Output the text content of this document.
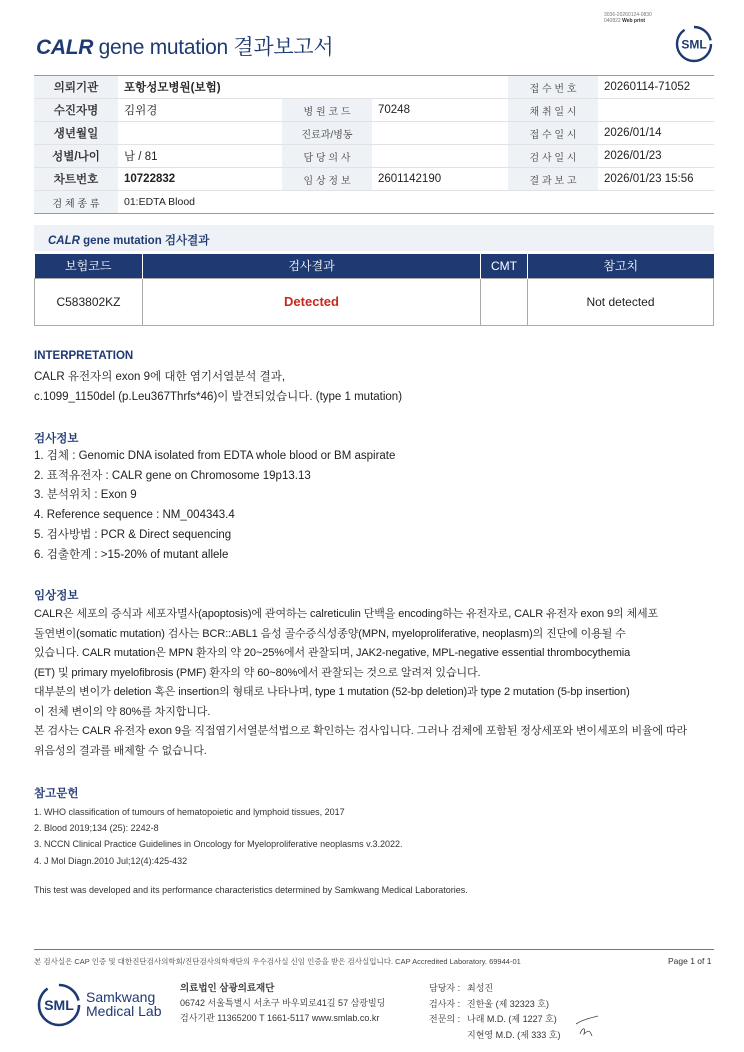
3036-20260124-0830
040822 Web print
CALR gene mutation 결과보고서	SML
의뢰기관	포항성모병원(보험)			접 수 번 호	20260114-71052
수진자명	김위경	병 원 코 드	70248	채 취 일 시	
생년월일		진료과/병동		접 수 일 시	2026/01/14
성별/나이	남 / 81	담 당 의 사		검 사 일 시	2026/01/23
차트번호	10722832	임 상 정 보	2601142190	결 과 보 고	2026/01/23 15:56
검 체 종 류	01:EDTA Blood				
CALR gene mutation 검사결과
보험코드	검사결과	CMT	참고치
C583802KZ	Detected		Not detected
INTERPRETATION

CALR 유전자의 exon 9에 대한 염기서열분석 결과,

c.1099_1150del (p.Leu367Thrfs*46)이 발견되었습니다. (type 1 mutation)

검사정보

1. 검체 : Genomic DNA isolated from EDTA whole blood or BM aspirate

2. 표적유전자 : CALR gene on Chromosome 19p13.13

3. 분석위치 : Exon 9

4. Reference sequence : NM_004343.4

5. 검사방법 : PCR & Direct sequencing

6. 검출한계 : >15-20% of mutant allele

임상정보

CALR은 세포의 증식과 세포자멸사(apoptosis)에 관여하는 calreticulin 단백을 encoding하는 유전자로, CALR 유전자 exon 9의 체세포

돌연변이(somatic mutation) 검사는 BCR::ABL1 음성 골수증식성종양(MPN, myeloproliferative, neoplasm)의 진단에 이용될 수

있습니다. CALR mutation은 MPN 환자의 약 20~25%에서 관찰되며, JAK2-negative, MPL-negative essential thrombocythemia

(ET) 및 primary myelofibrosis (PMF) 환자의 약 60~80%에서 관찰되는 것으로 알려져 있습니다.

대부분의 변이가 deletion 혹은 insertion의 형태로 나타나며, type 1 mutation (52-bp deletion)과 type 2 mutation (5-bp insertion)

이 전체 변이의 약 80%를 차지합니다.

본 검사는 CALR 유전자 exon 9을 직접염기서열분석법으로 확인하는 검사입니다. 그러나 검체에 포함된 정상세포와 변이세포의 비율에 따라

위음성의 결과를 배제할 수 없습니다.

참고문헌

1. WHO classification of tumours of hematopoietic and lymphoid tissues, 2017

2. Blood 2019;134 (25): 2242-8

3. NCCN Clinical Practice Guidelines in Oncology for Myeloproliferative neoplasms v.3.2022.

4. J Mol Diagn.2010 Jul;12(4):425-432

This test was developed and its performance characteristics determined by Samkwang Medical Laboratories.
본 검사실은 CAP 인증 및 대한진단검사의학회/진단검사의학재단의 우수검사실 신임 인증을 받은 검사실입니다. CAP Accredited Laboratory. 69944-01	Page 1 of 1
SML Samkwang
Medical Lab
의료법인 삼광의료재단
06742 서울특별시 서초구 바우뫼로41길 57 삼광빌딩
검사기관 11365200 T 1661-5117 www.smlab.co.kr
담당자 : 최성진
검사자 : 진한울 (제 32323 호)
전문의 : 나래 M.D. (제 1227 호)
지현영 M.D. (제 333 호)
